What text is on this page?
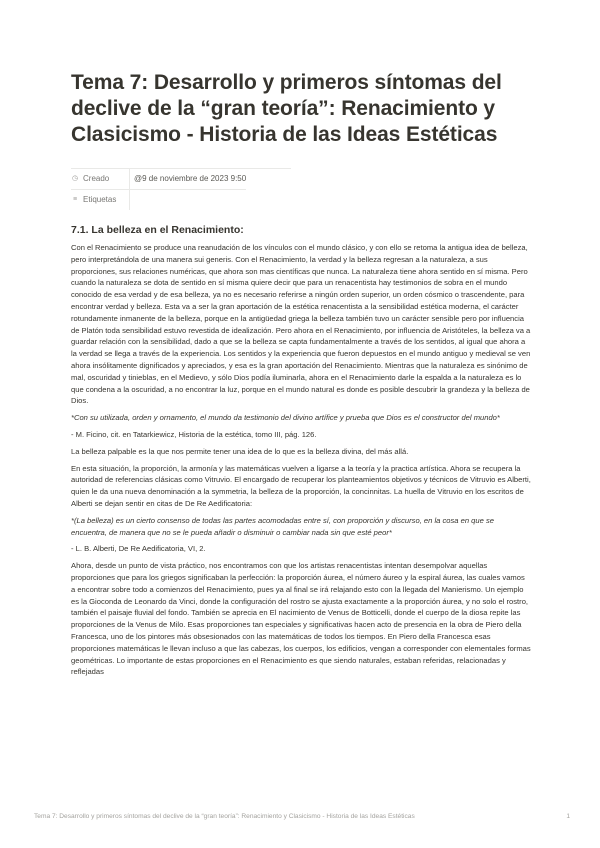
Tema 7: Desarrollo y primeros síntomas del declive de la “gran teoría”: Renacimiento y Clasicismo - Historia de las Ideas Estéticas
◷ Creado	@9 de noviembre de 2023 9:50
≡ Etiquetas
7.1. La belleza en el Renacimiento:

Con el Renacimiento se produce una reanudación de los vínculos con el mundo clásico, y con ello se retoma la antigua idea de belleza, pero interpretándola de una manera sui generis. Con el Renacimiento, la verdad y la belleza regresan a la naturaleza, a sus proporciones, sus relaciones numéricas, que ahora son mas científicas que nunca. La naturaleza tiene ahora sentido en sí misma. Pero cuando la naturaleza se dota de sentido en sí misma quiere decir que para un renacentista hay testimonios de sobra en el mundo conocido de esa verdad y de esa belleza, ya no es necesario referirse a ningún orden superior, un orden cósmico o trascendente, para encontrar verdad y belleza. Esta va a ser la gran aportación de la estética renacentista a la sensibilidad estética moderna, el carácter rotundamente inmanente de la belleza, porque en la antigüedad griega la belleza también tuvo un carácter sensible pero por influencia de Platón toda sensibilidad estuvo revestida de idealización. Pero ahora en el Renacimiento, por influencia de Aristóteles, la belleza va a guardar relación con la sensibilidad, dado a que se la belleza se capta fundamentalmente a través de los sentidos, al igual que ahora a la verdad se llega a través de la experiencia. Los sentidos y la experiencia que fueron depuestos en el mundo antiguo y medieval se ven ahora insólitamente dignificados y apreciados, y esa es la gran aportación del Renacimiento. Mientras que la naturaleza es sinónimo de mal, oscuridad y tinieblas, en el Medievo, y sólo Dios podía iluminarla, ahora en el Renacimiento darle la espalda a la naturaleza es lo que condena a la oscuridad, a no encontrar la luz, porque en el mundo natural es donde es posible descubrir la grandeza y la belleza de Dios.

*Con su utilizada, orden y ornamento, el mundo da testimonio del divino artífice y prueba que Dios es el constructor del mundo*

- M. Ficino, cit. en Tatarkiewicz, Historia de la estética, tomo III, pág. 126.

La belleza palpable es la que nos permite tener una idea de lo que es la belleza divina, del más allá.

En esta situación, la proporción, la armonía y las matemáticas vuelven a ligarse a la teoría y la practica artística. Ahora se recupera la autoridad de referencias clásicas como Vitruvio. El encargado de recuperar los planteamientos objetivos y técnicos de Vitruvio es Alberti, quien le da una nueva denominación a la symmetria, la belleza de la proporción, la concinnitas. La huella de Vitruvio en los escritos de Alberti se dejan sentir en citas de De Re Aedificatoria:

*(La belleza) es un cierto consenso de todas las partes acomodadas entre sí, con proporción y discurso, en la cosa en que se encuentra, de manera que no se le pueda añadir o disminuir o cambiar nada sin que esté peor*

- L. B. Alberti, De Re Aedificatoria, VI, 2.

Ahora, desde un punto de vista práctico, nos encontramos con que los artistas renacentistas intentan desempolvar aquellas proporciones que para los griegos significaban la perfección: la proporción áurea, el número áureo y la espiral áurea, las cuales vamos a encontrar sobre todo a comienzos del Renacimiento, pues ya al final se irá relajando esto con la llegada del Manierismo. Un ejemplo es la Gioconda de Leonardo da Vinci, donde la configuración del rostro se ajusta exactamente a la proporción áurea, y no solo el rostro, también el paisaje fluvial del fondo. También se aprecia en El nacimiento de Venus de Botticelli, donde el cuerpo de la diosa repite las proporciones de la Venus de Milo. Esas proporciones tan especiales y significativas hacen acto de presencia en la obra de Piero della Francesca, uno de los pintores más obsesionados con las matemáticas de todos los tiempos. En Piero della Francesca esas proporciones matemáticas le llevan incluso a que las cabezas, los cuerpos, los edificios, vengan a corresponder con elementales formas geométricas. Lo importante de estas proporciones en el Renacimiento es que siendo naturales, estaban referidas, relacionadas y reflejadas

Tema 7: Desarrollo y primeros síntomas del declive de la “gran teoría”: Renacimiento y Clasicismo - Historia de las Ideas Estéticas	1
